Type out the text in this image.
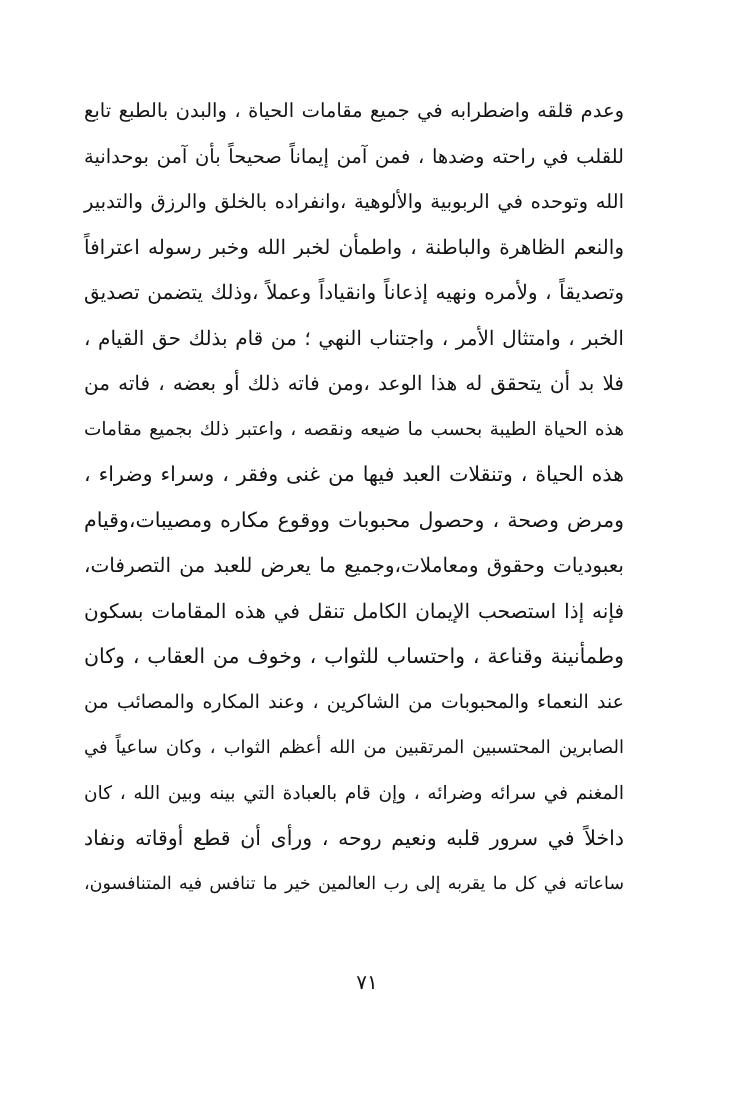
وعدم قلقه واضطرابه في جميع مقامات الحياة ، والبدن بالطبع تابع
للقلب في راحته وضدها ، فمن آمن إيماناً صحيحاً بأن آمن بوحدانية
الله وتوحده في الربوبية والألوهية ،وانفراده بالخلق والرزق والتدبير
والنعم الظاهرة والباطنة ، واطمأن لخبر الله وخبر رسوله اعترافاً
وتصديقاً ، ولأمره ونهيه إذعاناً وانقياداً وعملاً ،وذلك يتضمن تصديق
الخبر ، وامتثال الأمر ، واجتناب النهي ؛ من قام بذلك حق القيام ،
فلا بد أن يتحقق له هذا الوعد ،ومن فاته ذلك أو بعضه ، فاته من
هذه الحياة الطيبة بحسب ما ضيعه ونقصه ، واعتبر ذلك بجميع مقامات
هذه الحياة ، وتنقلات العبد فيها من غنى وفقر ، وسراء وضراء ،
ومرض وصحة ، وحصول محبوبات ووقوع مكاره ومصيبات،وقيام
بعبوديات وحقوق ومعاملات،وجميع ما يعرض للعبد من التصرفات،
فإنه إذا استصحب الإيمان الكامل تنقل في هذه المقامات بسكون
وطمأنينة وقناعة ، واحتساب للثواب ، وخوف من العقاب ، وكان
عند النعماء والمحبوبات من الشاكرين ، وعند المكاره والمصائب من
الصابرين المحتسبين المرتقبين من الله أعظم الثواب ، وكان ساعياً في
المغنم في سرائه وضرائه ، وإن قام بالعبادة التي بينه وبين الله ، كان
داخلاً في سرور قلبه ونعيم روحه ، ورأى أن قطع أوقاته ونفاد
ساعاته في كل ما يقربه إلى رب العالمين خير ما تنافس فيه المتنافسون،
٧١
